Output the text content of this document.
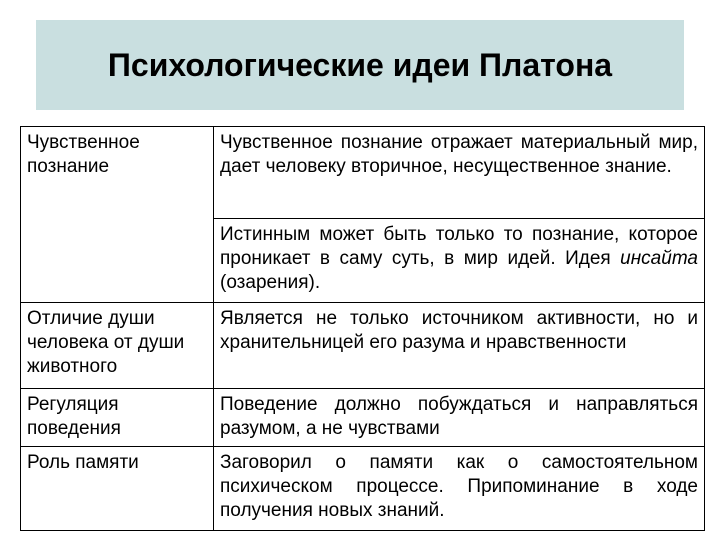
Психологические идеи Платона
Чувственное познание	Чувственное познание отражает материальный мир, дает человеку вторичное, несущественное знание.
	Истинным может быть только то познание, которое проникает в саму суть, в мир идей. Идея инсайта (озарения).
Отличие души человека от души животного	Является не только источником активности, но и хранительницей его разума и нравственности
Регуляция поведения	Поведение должно побуждаться и направляться разумом, а не чувствами
Роль памяти	Заговорил о памяти как о самостоятельном психическом процессе. Припоминание в ходе получения новых знаний.
